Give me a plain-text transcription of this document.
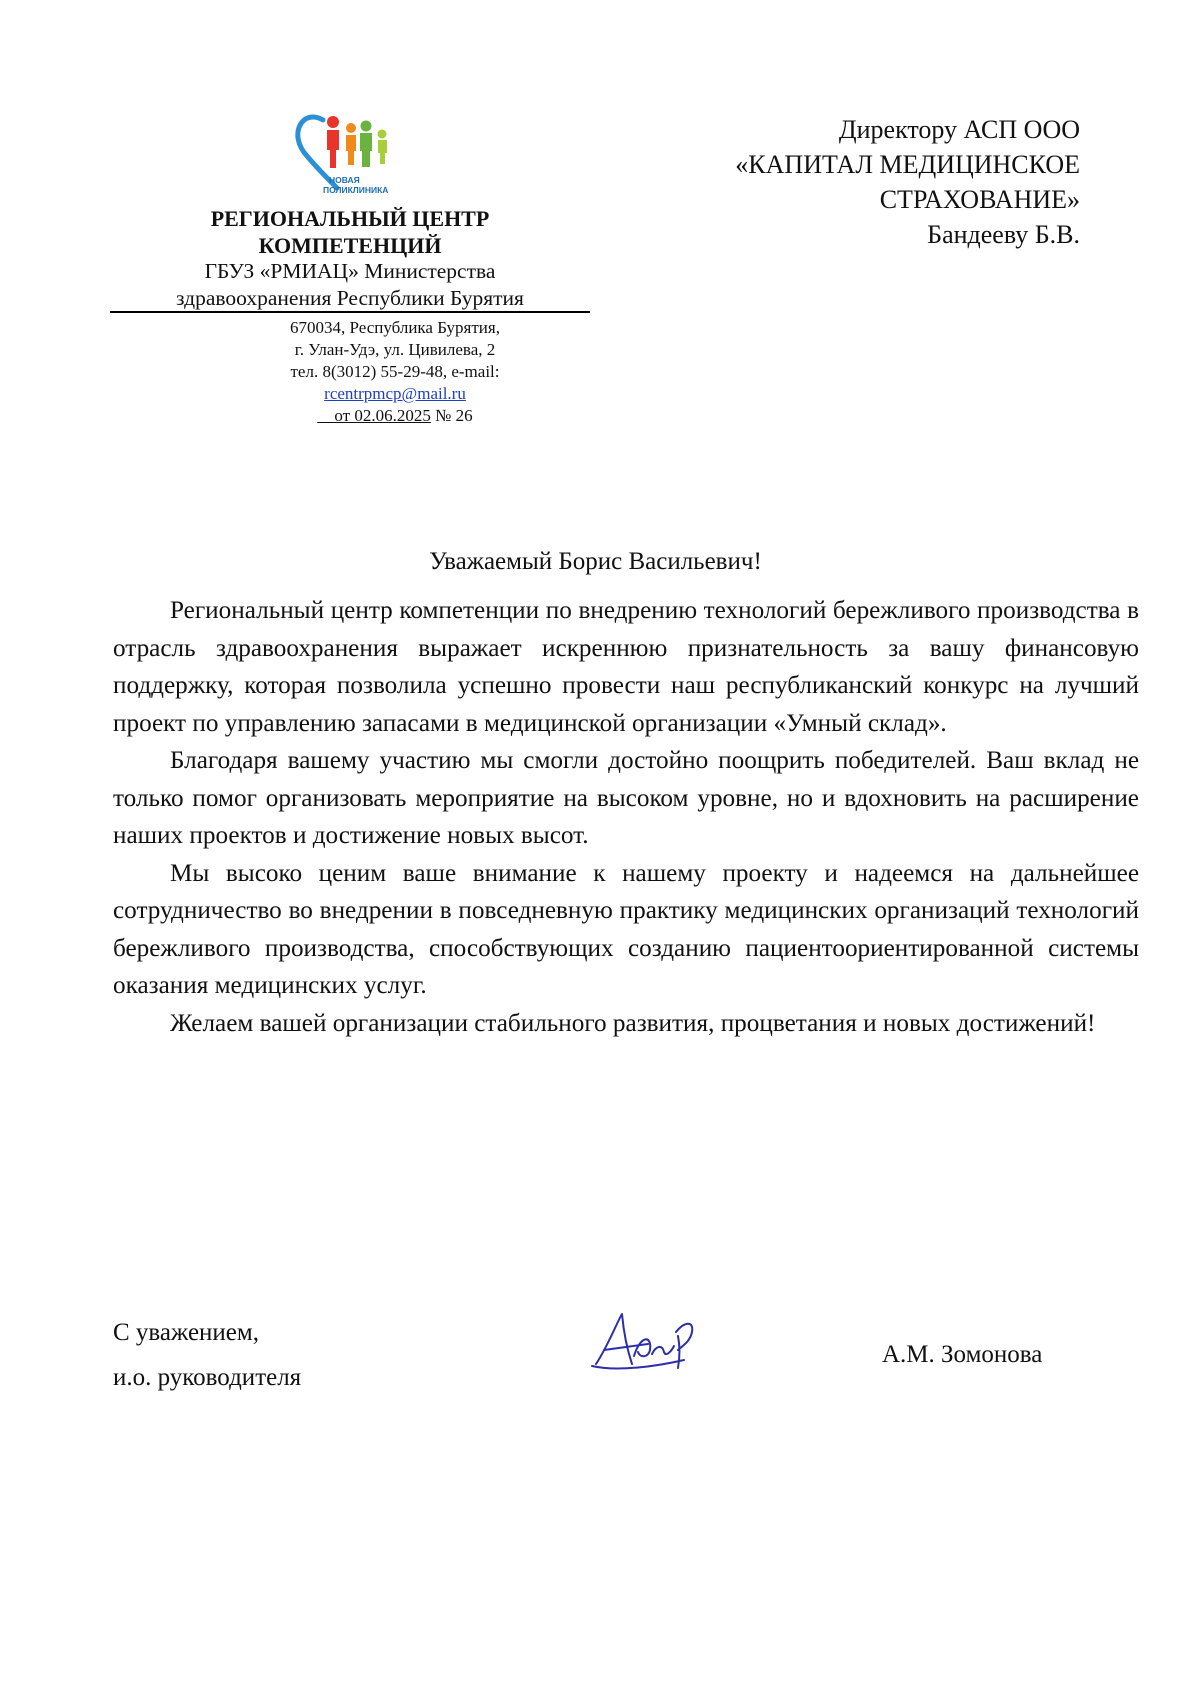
НОВАЯ
ПОЛИКЛИНИКА
РЕГИОНАЛЬНЫЙ ЦЕНТР
КОМПЕТЕНЦИЙ
ГБУЗ «РМИАЦ» Министерства
здравоохранения Республики Бурятия
670034, Республика Бурятия,
г. Улан-Удэ, ул. Цивилева, 2
тел. 8(3012) 55-29-48, e-mail:
rcentrpmcp@mail.ru
__от 02.06.2025 № 26
Директору АСП ООО
«КАПИТАЛ МЕДИЦИНСКОЕ
СТРАХОВАНИЕ»
Бандееву Б.В.
Уважаемый Борис Васильевич!

Региональный центр компетенции по внедрению технологий бережливого производства в отрасль здравоохранения выражает искреннюю признательность за вашу финансовую поддержку, которая позволила успешно провести наш республиканский конкурс на лучший проект по управлению запасами в медицинской организации «Умный склад».

Благодаря вашему участию мы смогли достойно поощрить победителей. Ваш вклад не только помог организовать мероприятие на высоком уровне, но и вдохновить на расширение наших проектов и достижение новых высот.

Мы высоко ценим ваше внимание к нашему проекту и надеемся на дальнейшее сотрудничество во внедрении в повседневную практику медицинских организаций технологий бережливого производства, способствующих созданию пациентоориентированной системы оказания медицинских услуг.

Желаем вашей организации стабильного развития, процветания и новых достижений!

С уважением,
и.о. руководителя
А.М. Зомонова
